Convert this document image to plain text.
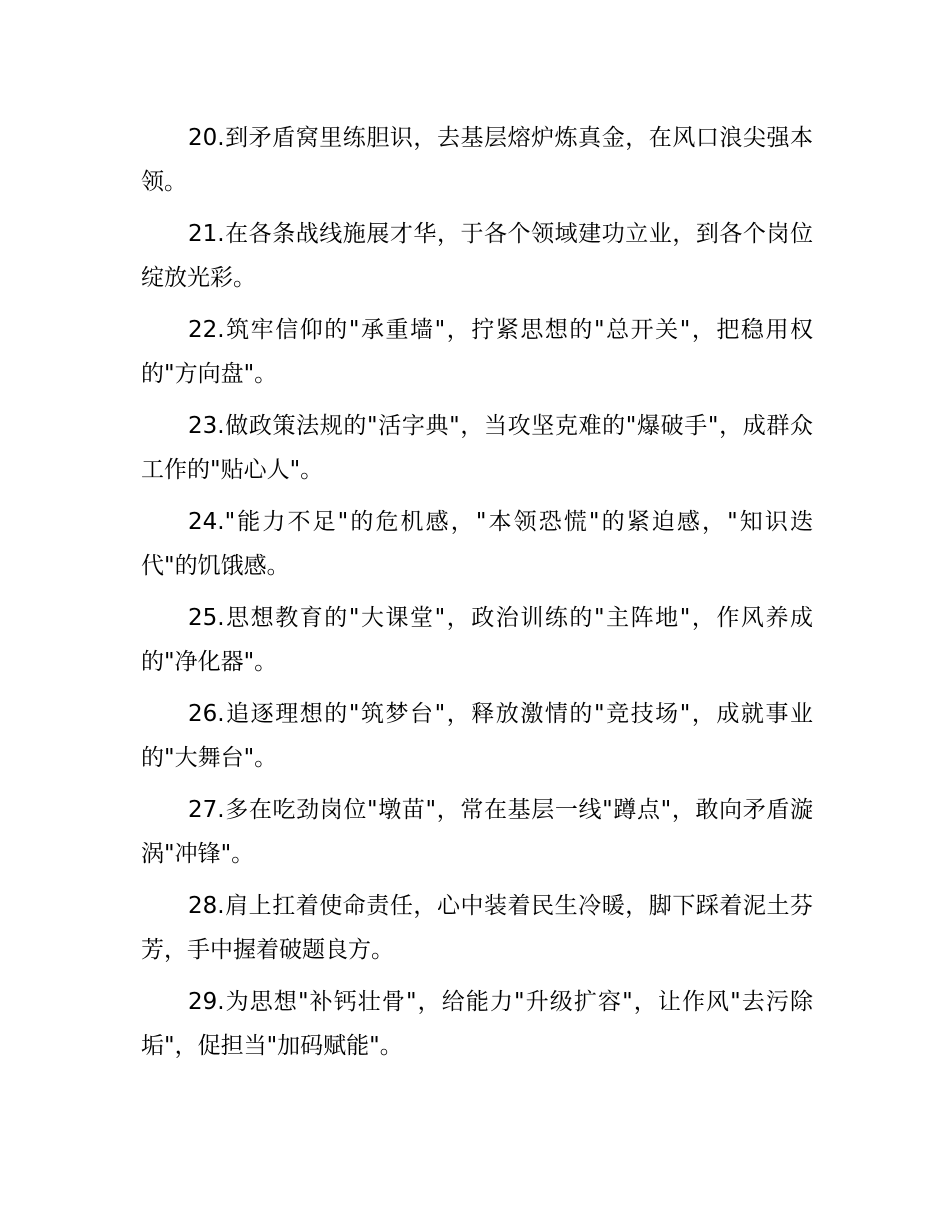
20.到矛盾窝里练胆识，去基层熔炉炼真金，在风口浪尖强本领。

21.在各条战线施展才华，于各个领域建功立业，到各个岗位绽放光彩。

22.筑牢信仰的"承重墙"，拧紧思想的"总开关"，把稳用权的"方向盘"。

23.做政策法规的"活字典"，当攻坚克难的"爆破手"，成群众工作的"贴心人"。

24."能力不足"的危机感，"本领恐慌"的紧迫感，"知识迭代"的饥饿感。

25.思想教育的"大课堂"，政治训练的"主阵地"，作风养成的"净化器"。

26.追逐理想的"筑梦台"，释放激情的"竞技场"，成就事业的"大舞台"。

27.多在吃劲岗位"墩苗"，常在基层一线"蹲点"，敢向矛盾漩涡"冲锋"。

28.肩上扛着使命责任，心中装着民生冷暖，脚下踩着泥土芬芳，手中握着破题良方。

29.为思想"补钙壮骨"，给能力"升级扩容"，让作风"去污除垢"，促担当"加码赋能"。
